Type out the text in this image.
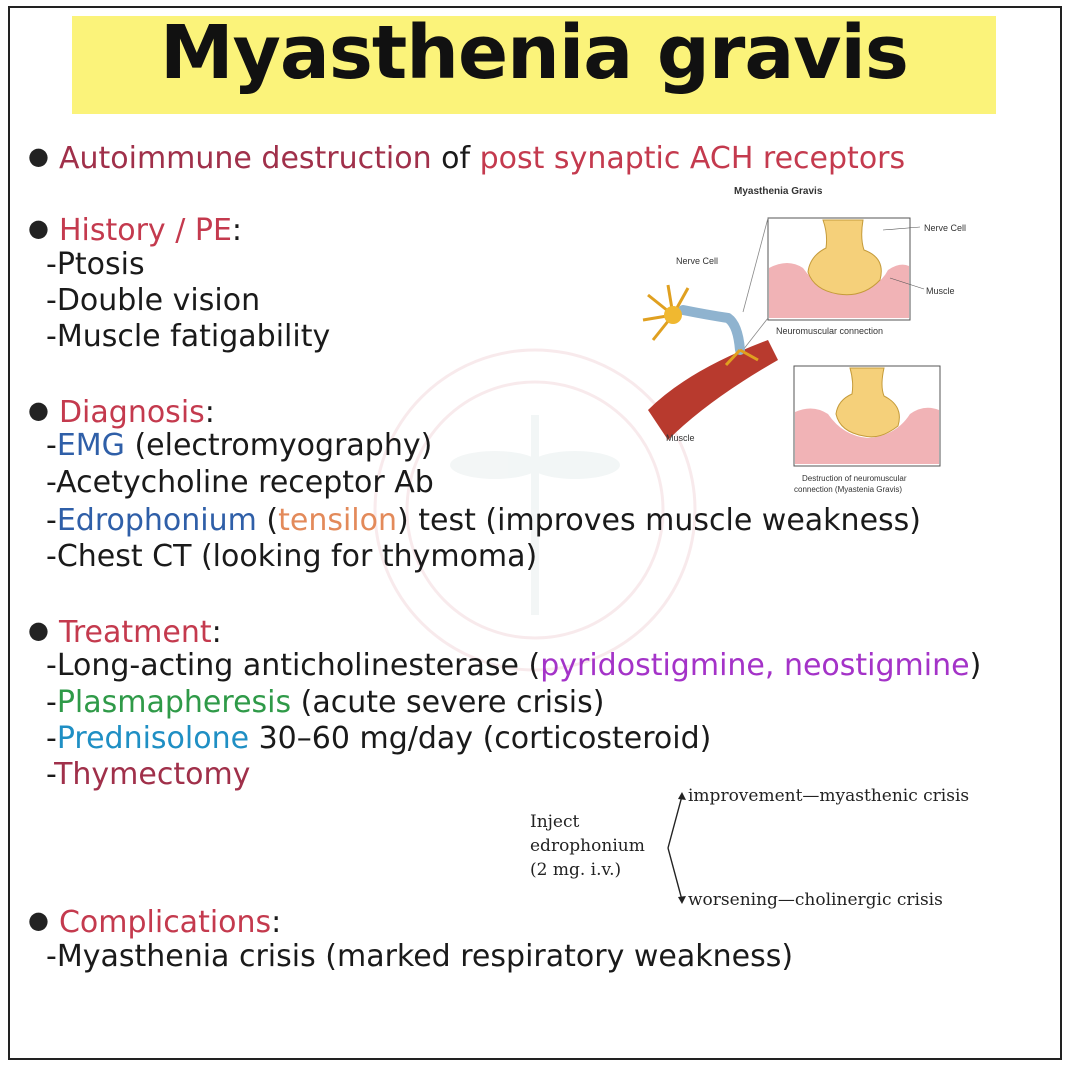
Myasthenia gravis
● Autoimmune destruction of post synaptic ACH receptors
● History / PE:
-Ptosis
-Double vision
-Muscle fatigability
● Diagnosis:
-EMG (electromyography)
-Acetycholine receptor Ab
-Edrophonium (tensilon) test (improves muscle weakness)
-Chest CT (looking for thymoma)
● Treatment:
-Long-acting anticholinesterase (pyridostigmine, neostigmine)
-Plasmapheresis (acute severe crisis)
-Prednisolone 30–60 mg/day (corticosteroid)
-Thymectomy
● Complications:
-Myasthenia crisis (marked respiratory weakness)
Myasthenia Gravis
Nerve Cell
Nerve Cell
Muscle
Neuromuscular connection
Muscle
Destruction of neuromuscular
connection (Myastenia Gravis)
Inject
edrophonium
(2 mg. i.v.)
improvement—myasthenic crisis
worsening—cholinergic crisis
